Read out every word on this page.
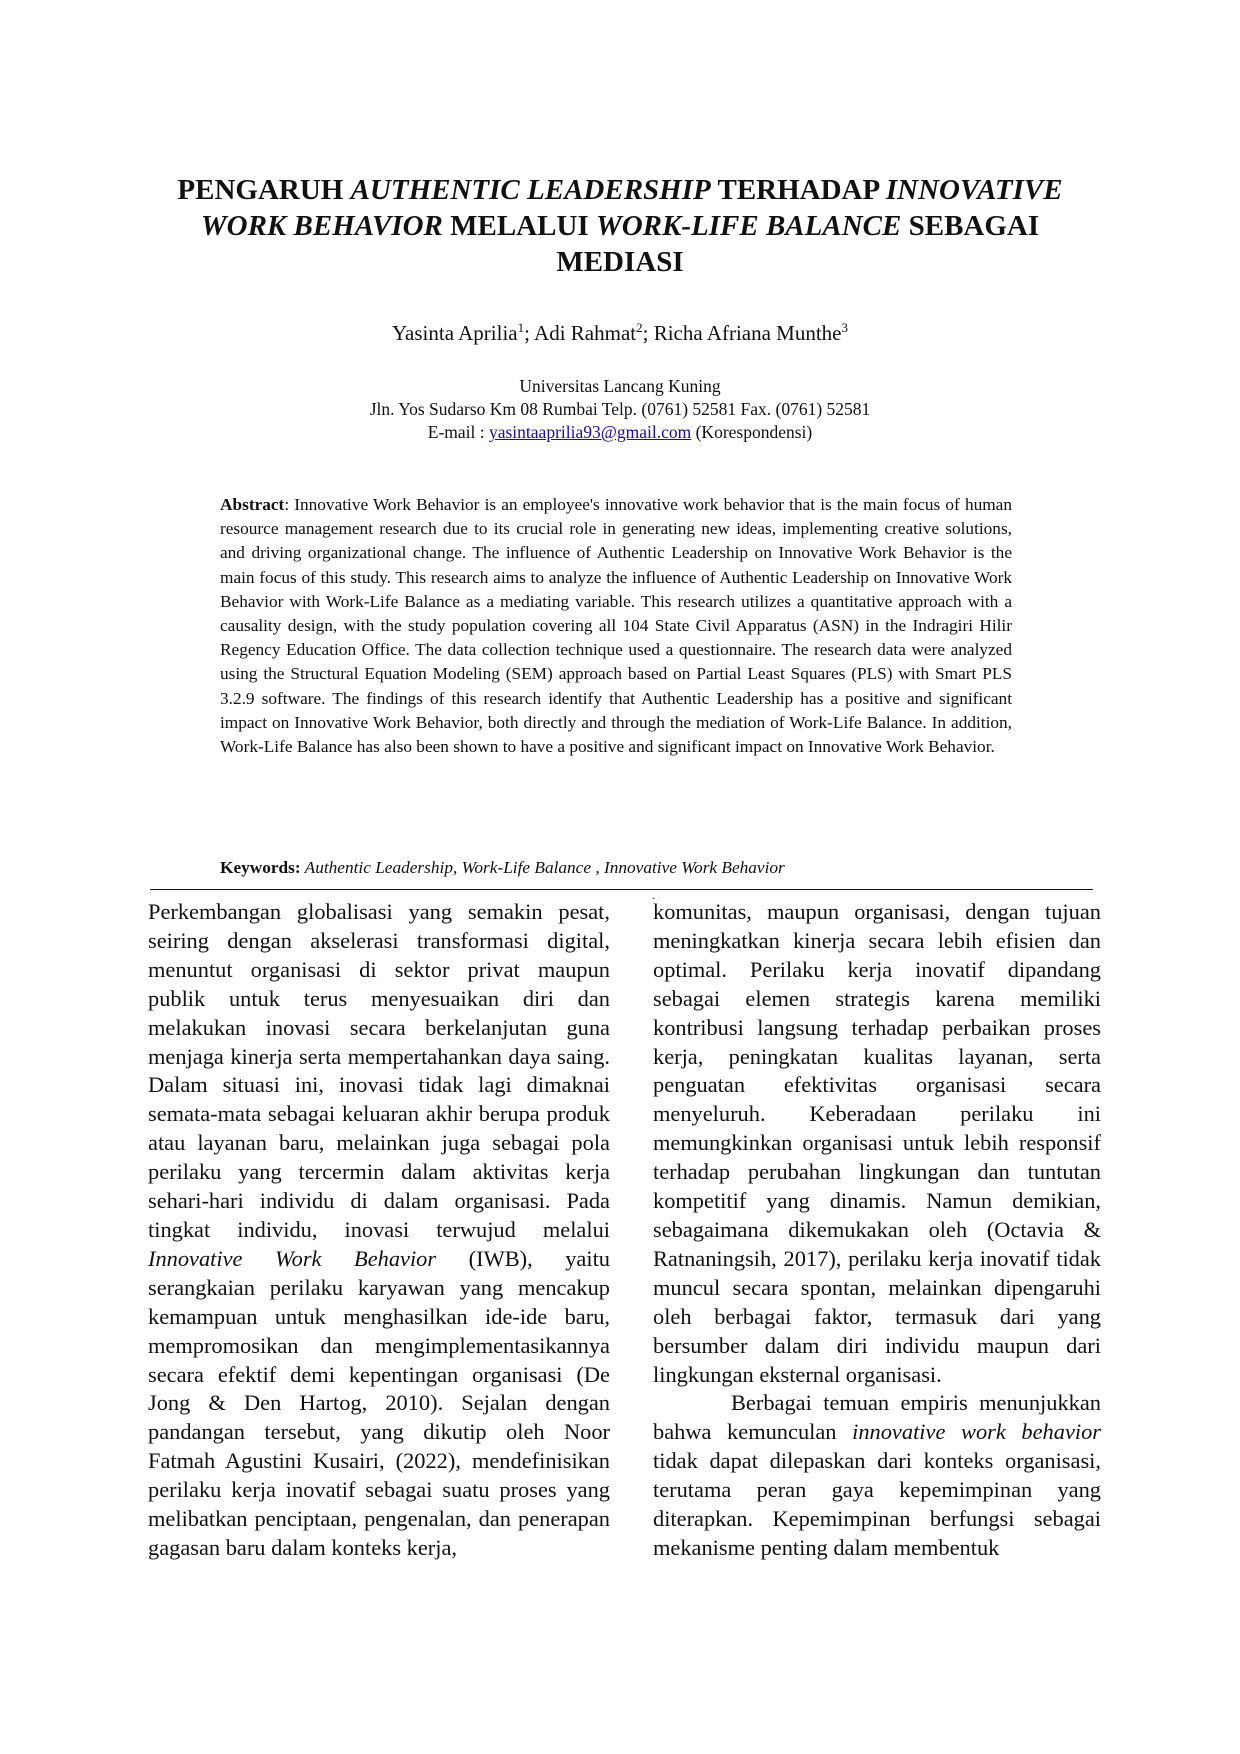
PENGARUH AUTHENTIC LEADERSHIP TERHADAP INNOVATIVE
WORK BEHAVIOR MELALUI WORK-LIFE BALANCE SEBAGAI
MEDIASI
Yasinta Aprilia$^1$; Adi Rahmat$^2$; Richa Afriana Munthe$^3$
Universitas Lancang Kuning
Jln. Yos Sudarso Km 08 Rumbai Telp. (0761) 52581 Fax. (0761) 52581
E-mail : yasintaaprilia93@gmail.com (Korespondensi)
Abstract: Innovative Work Behavior is an employee's innovative work behavior that is the main focus of human resource management research due to its crucial role in generating new ideas, implementing creative solutions, and driving organizational change. The influence of Authentic Leadership on Innovative Work Behavior is the main focus of this study. This research aims to analyze the influence of Authentic Leadership on Innovative Work Behavior with Work-Life Balance as a mediating variable. This research utilizes a quantitative approach with a causality design, with the study population covering all 104 State Civil Apparatus (ASN) in the Indragiri Hilir Regency Education Office. The data collection technique used a questionnaire. The research data were analyzed using the Structural Equation Modeling (SEM) approach based on Partial Least Squares (PLS) with Smart PLS 3.2.9 software. The findings of this research identify that Authentic Leadership has a positive and significant impact on Innovative Work Behavior, both directly and through the mediation of Work-Life Balance. In addition, Work-Life Balance has also been shown to have a positive and significant impact on Innovative Work Behavior.
Keywords: Authentic Leadership, Work-Life Balance , Innovative Work Behavior
.

Perkembangan globalisasi yang semakin pesat, seiring dengan akselerasi transformasi digital, menuntut organisasi di sektor privat maupun publik untuk terus menyesuaikan diri dan melakukan inovasi secara berkelanjutan guna menjaga kinerja serta mempertahankan daya saing. Dalam situasi ini, inovasi tidak lagi dimaknai semata-mata sebagai keluaran akhir berupa produk atau layanan baru, melainkan juga sebagai pola perilaku yang tercermin dalam aktivitas kerja sehari-hari individu di dalam organisasi. Pada tingkat individu, inovasi terwujud melalui Innovative Work Behavior (IWB), yaitu serangkaian perilaku karyawan yang mencakup kemampuan untuk menghasilkan ide-ide baru, mempromosikan dan mengimplementasikannya secara efektif demi kepentingan organisasi (De Jong & Den Hartog, 2010). Sejalan dengan pandangan tersebut, yang dikutip oleh Noor Fatmah Agustini Kusairi, (2022), mendefinisikan perilaku kerja inovatif sebagai suatu proses yang melibatkan penciptaan, pengenalan, dan penerapan gagasan baru dalam konteks kerja,

komunitas, maupun organisasi, dengan tujuan meningkatkan kinerja secara lebih efisien dan optimal. Perilaku kerja inovatif dipandang sebagai elemen strategis karena memiliki kontribusi langsung terhadap perbaikan proses kerja, peningkatan kualitas layanan, serta penguatan efektivitas organisasi secara menyeluruh. Keberadaan perilaku ini memungkinkan organisasi untuk lebih responsif terhadap perubahan lingkungan dan tuntutan kompetitif yang dinamis. Namun demikian, sebagaimana dikemukakan oleh (Octavia & Ratnaningsih, 2017), perilaku kerja inovatif tidak muncul secara spontan, melainkan dipengaruhi oleh berbagai faktor, termasuk dari yang bersumber dalam diri individu maupun dari lingkungan eksternal organisasi.

Berbagai temuan empiris menunjukkan bahwa kemunculan innovative work behavior tidak dapat dilepaskan dari konteks organisasi, terutama peran gaya kepemimpinan yang diterapkan. Kepemimpinan berfungsi sebagai mekanisme penting dalam membentuk
